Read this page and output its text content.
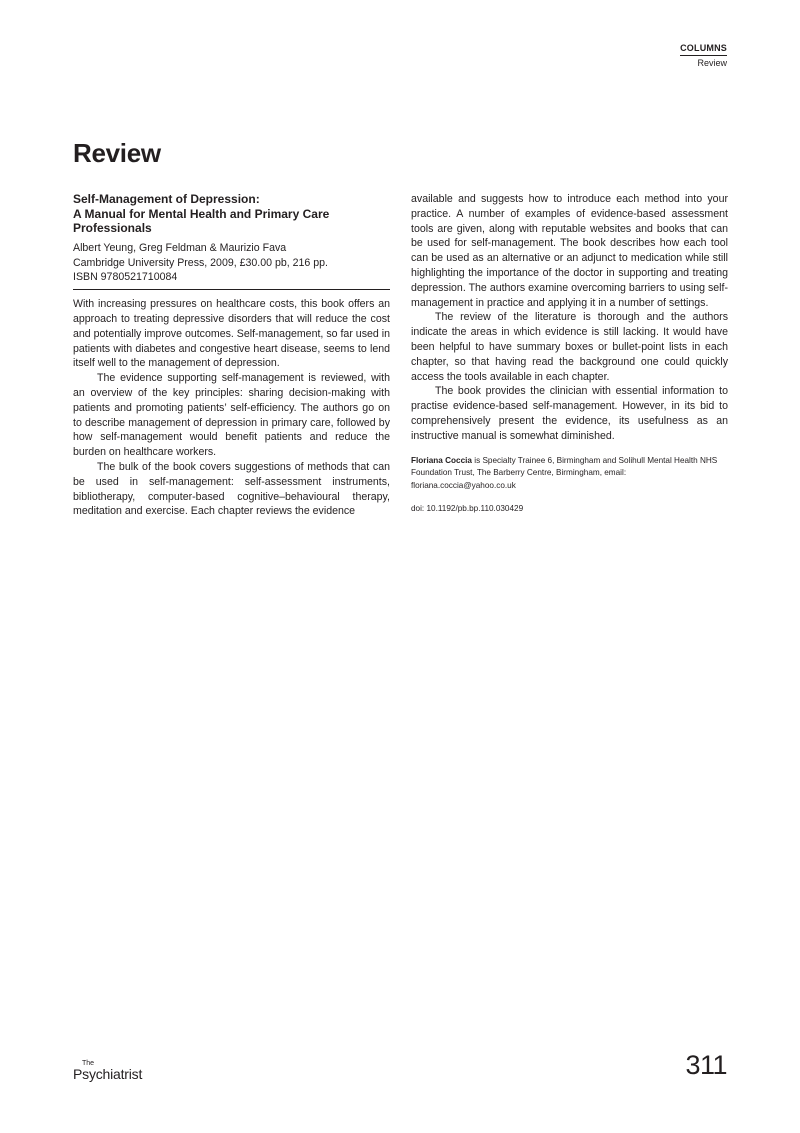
COLUMNS
Review
Review
Self-Management of Depression:
A Manual for Mental Health and Primary Care
Professionals
Albert Yeung, Greg Feldman & Maurizio Fava
Cambridge University Press, 2009, £30.00 pb, 216 pp.
ISBN 9780521710084

With increasing pressures on healthcare costs, this book offers an approach to treating depressive disorders that will reduce the cost and potentially improve outcomes. Self-management, so far used in patients with diabetes and congestive heart disease, seems to lend itself well to the management of depression.

The evidence supporting self-management is reviewed, with an overview of the key principles: sharing decision-making with patients and promoting patients’ self-efficiency. The authors go on to describe management of depression in primary care, followed by how self-management would benefit patients and reduce the burden on healthcare workers.

The bulk of the book covers suggestions of methods that can be used in self-management: self-assessment instruments, bibliotherapy, computer-based cognitive–behavioural therapy, meditation and exercise. Each chapter reviews the evidence

available and suggests how to introduce each method into your practice. A number of examples of evidence-based assessment tools are given, along with reputable websites and books that can be used for self-management. The book describes how each tool can be used as an alternative or an adjunct to medication while still highlighting the importance of the doctor in supporting and treating depression. The authors examine overcoming barriers to using self-management in practice and applying it in a number of settings.

The review of the literature is thorough and the authors indicate the areas in which evidence is still lacking. It would have been helpful to have summary boxes or bullet-point lists in each chapter, so that having read the background one could quickly access the tools available in each chapter.

The book provides the clinician with essential information to practise evidence-based self-management. However, in its bid to comprehensively present the evidence, its usefulness as an instructive manual is somewhat diminished.

Floriana Coccia is Specialty Trainee 6, Birmingham and Solihull Mental Health NHS Foundation Trust, The Barberry Centre, Birmingham, email: floriana.coccia@yahoo.co.uk
doi: 10.1192/pb.bp.110.030429
The
Psychiatrist	311
